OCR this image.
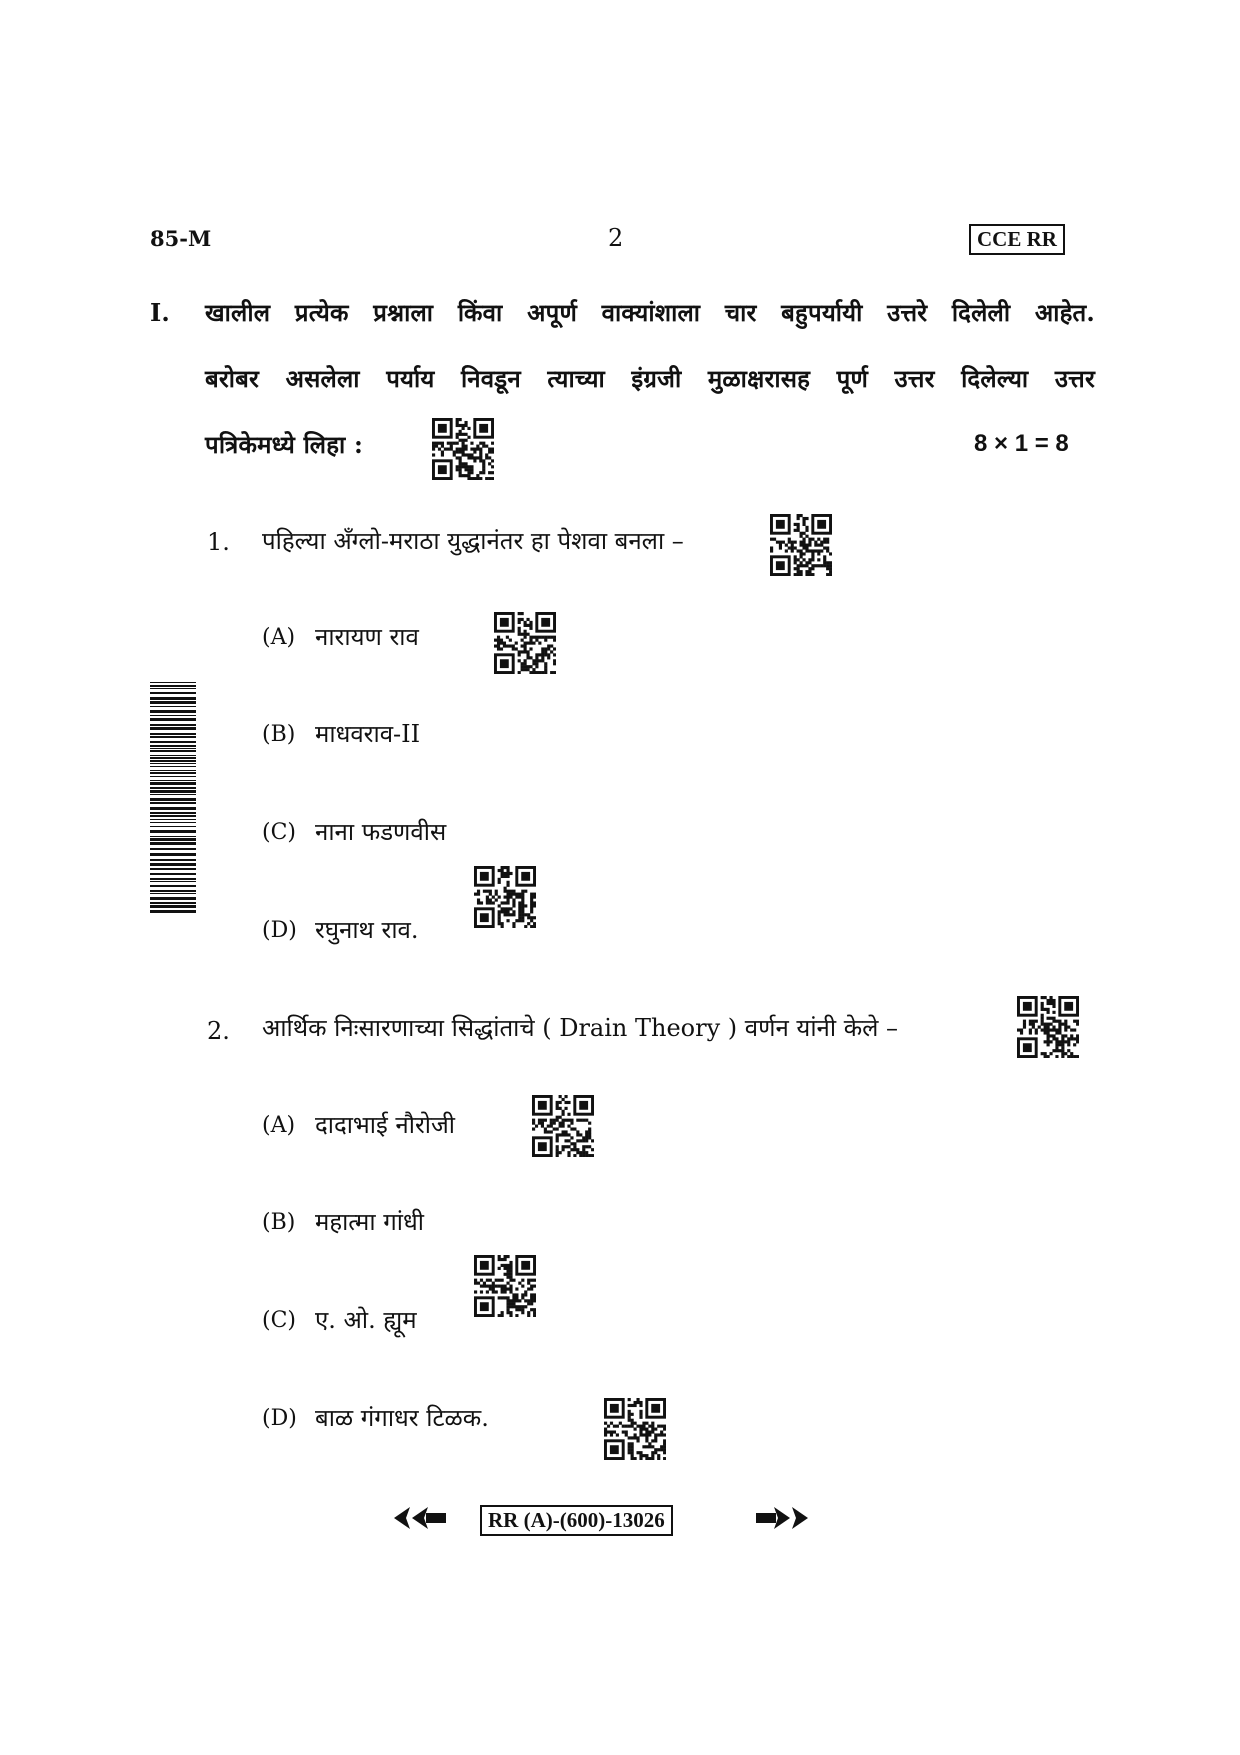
85-M	2	CCE RR
I. खालील प्रत्येक प्रश्नाला किंवा अपूर्ण वाक्यांशाला चार बहुपर्यायी उत्तरे दिलेली आहेत.
बरोबर असलेला पर्याय निवडून त्याच्या इंग्रजी मुळाक्षरासह पूर्ण उत्तर दिलेल्या उत्तर
पत्रिकेमध्ये लिहा :	8 × 1 = 8
1. पहिल्या अँग्लो-मराठा युद्धानंतर हा पेशवा बनला –
(A) नारायण राव
(B) माधवराव-II
(C) नाना फडणवीस
(D) रघुनाथ राव.
2. आर्थिक निःसारणाच्या सिद्धांताचे ( Drain Theory ) वर्णन यांनी केले –
(A) दादाभाई नौरोजी
(B) महात्मा गांधी
(C) ए. ओ. ह्यूम
(D) बाळ गंगाधर टिळक.
RR (A)-(600)-13026
